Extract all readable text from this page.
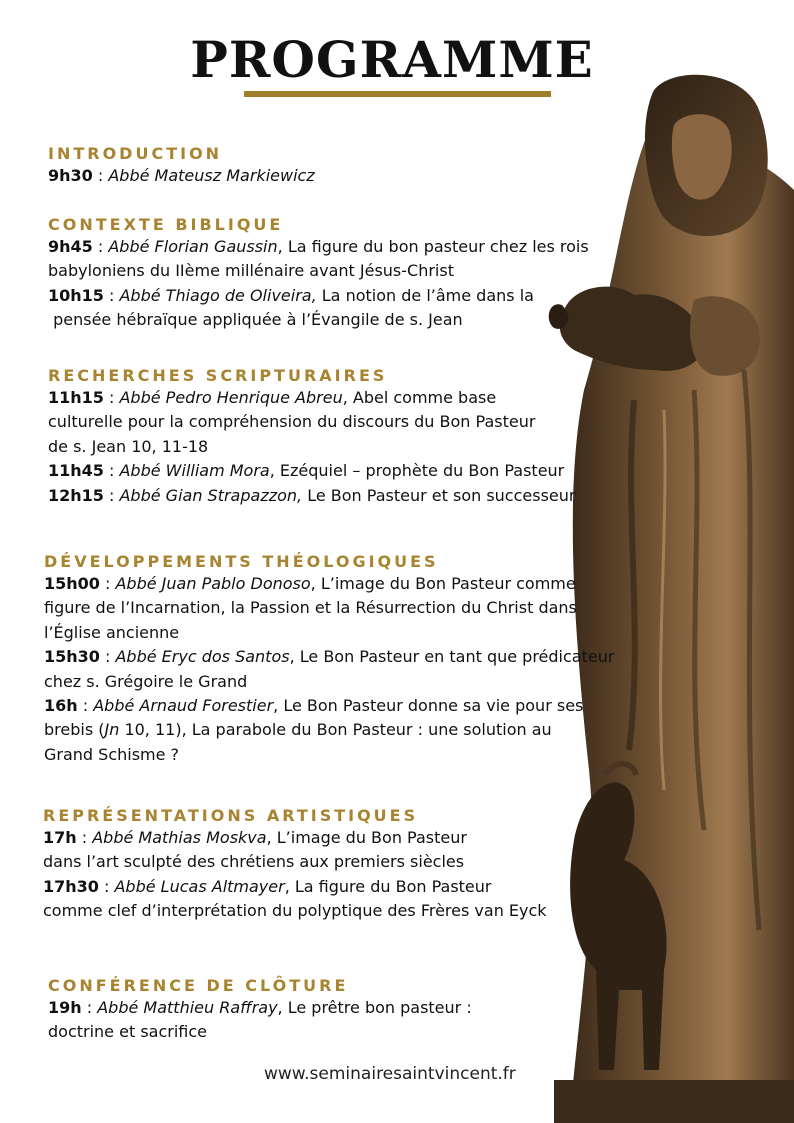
PROGRAMME
INTRODUCTION
9h30 : Abbé Mateusz Markiewicz
CONTEXTE BIBLIQUE
9h45 : Abbé Florian Gaussin, La figure du bon pasteur chez les rois
babyloniens du IIème millénaire avant Jésus-Christ
10h15 : Abbé Thiago de Oliveira, La notion de l’âme dans la
pensée hébraïque appliquée à l’Évangile de s. Jean
RECHERCHES SCRIPTURAIRES
11h15 : Abbé Pedro Henrique Abreu, Abel comme base
culturelle pour la compréhension du discours du Bon Pasteur
de s. Jean 10, 11-18
11h45 : Abbé William Mora, Ezéquiel – prophète du Bon Pasteur
12h15 : Abbé Gian Strapazzon, Le Bon Pasteur et son successeur
DÉVELOPPEMENTS THÉOLOGIQUES
15h00 : Abbé Juan Pablo Donoso, L’image du Bon Pasteur comme
figure de l’Incarnation, la Passion et la Résurrection du Christ dans
l’Église ancienne
15h30 : Abbé Eryc dos Santos, Le Bon Pasteur en tant que prédicateur
chez s. Grégoire le Grand
16h : Abbé Arnaud Forestier, Le Bon Pasteur donne sa vie pour ses
brebis (Jn 10, 11), La parabole du Bon Pasteur : une solution au
Grand Schisme ?
REPRÉSENTATIONS ARTISTIQUES
17h : Abbé Mathias Moskva, L’image du Bon Pasteur
dans l’art sculpté des chrétiens aux premiers siècles
17h30 : Abbé Lucas Altmayer, La figure du Bon Pasteur
comme clef d’interprétation du polyptique des Frères van Eyck
CONFÉRENCE DE CLÔTURE
19h : Abbé Matthieu Raffray, Le prêtre bon pasteur :
doctrine et sacrifice
www.seminairesaintvincent.fr
